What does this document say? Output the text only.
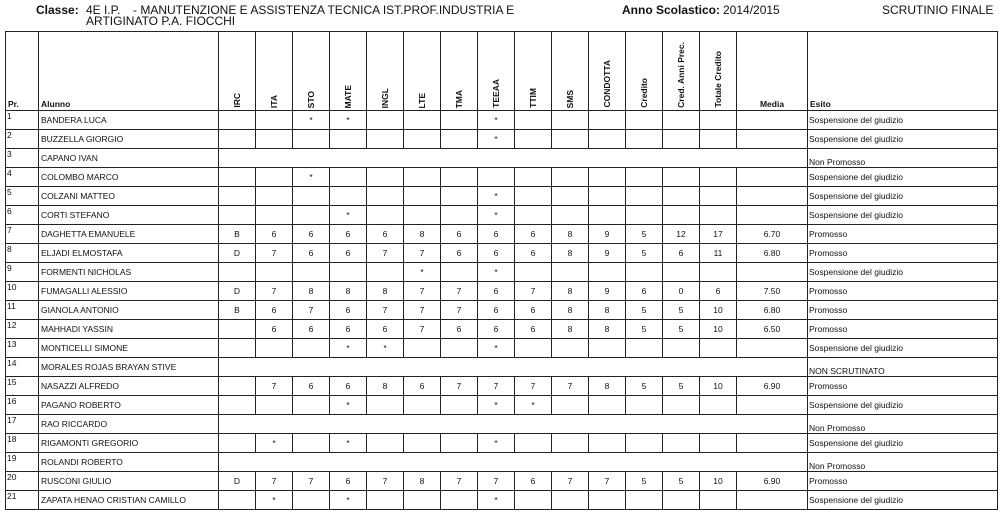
Classe: 4E I.P. - MANUTENZIONE E ASSISTENZA TECNICA IST.PROF.INDUSTRIA E
ARTIGINATO P.A. FIOCCHI
Anno Scolastico: 2014/2015	SCRUTINIO FINALE
Pr.	Alunno	IRC	ITA	STO	MATE	INGL	LTE	TMA	TEEAA	TTIM	SMS	CONDOTTA	Credito	Cred. Anni Prec.	Totale Credito	Media	Esito
1	BANDERA LUCA			*	*				*								Sospensione del giudizio
2	BUZZELLA GIORGIO								*								Sospensione del giudizio
3	CAPANO IVAN																Non Promosso
4	COLOMBO MARCO			*													Sospensione del giudizio
5	COLZANI MATTEO								*								Sospensione del giudizio
6	CORTI STEFANO				*				*								Sospensione del giudizio
7	DAGHETTA EMANUELE	B	6	6	6	6	8	6	6	6	8	9	5	12	17	6.70	Promosso
8	ELJADI ELMOSTAFA	D	7	6	6	7	7	6	6	6	8	9	5	6	11	6.80	Promosso
9	FORMENTI NICHOLAS						*		*								Sospensione del giudizio
10	FUMAGALLI ALESSIO	D	7	8	8	8	7	7	6	7	8	9	6	0	6	7.50	Promosso
11	GIANOLA ANTONIO	B	6	7	6	7	7	7	6	6	8	8	5	5	10	6.80	Promosso
12	MAHHADI YASSIN		6	6	6	6	7	6	6	6	8	8	5	5	10	6.50	Promosso
13	MONTICELLI SIMONE				*	*			*								Sospensione del giudizio
14	MORALES ROJAS BRAYAN STIVE																NON SCRUTINATO
15	NASAZZI ALFREDO		7	6	6	8	6	7	7	7	7	8	5	5	10	6.90	Promosso
16	PAGANO ROBERTO				*				*	*							Sospensione del giudizio
17	RAO RICCARDO																Non Promosso
18	RIGAMONTI GREGORIO		*		*				*								Sospensione del giudizio
19	ROLANDI ROBERTO																Non Promosso
20	RUSCONI GIULIO	D	7	7	6	7	8	7	7	6	7	7	5	5	10	6.90	Promosso
21	ZAPATA HENAO CRISTIAN CAMILLO		*		*				*								Sospensione del giudizio
